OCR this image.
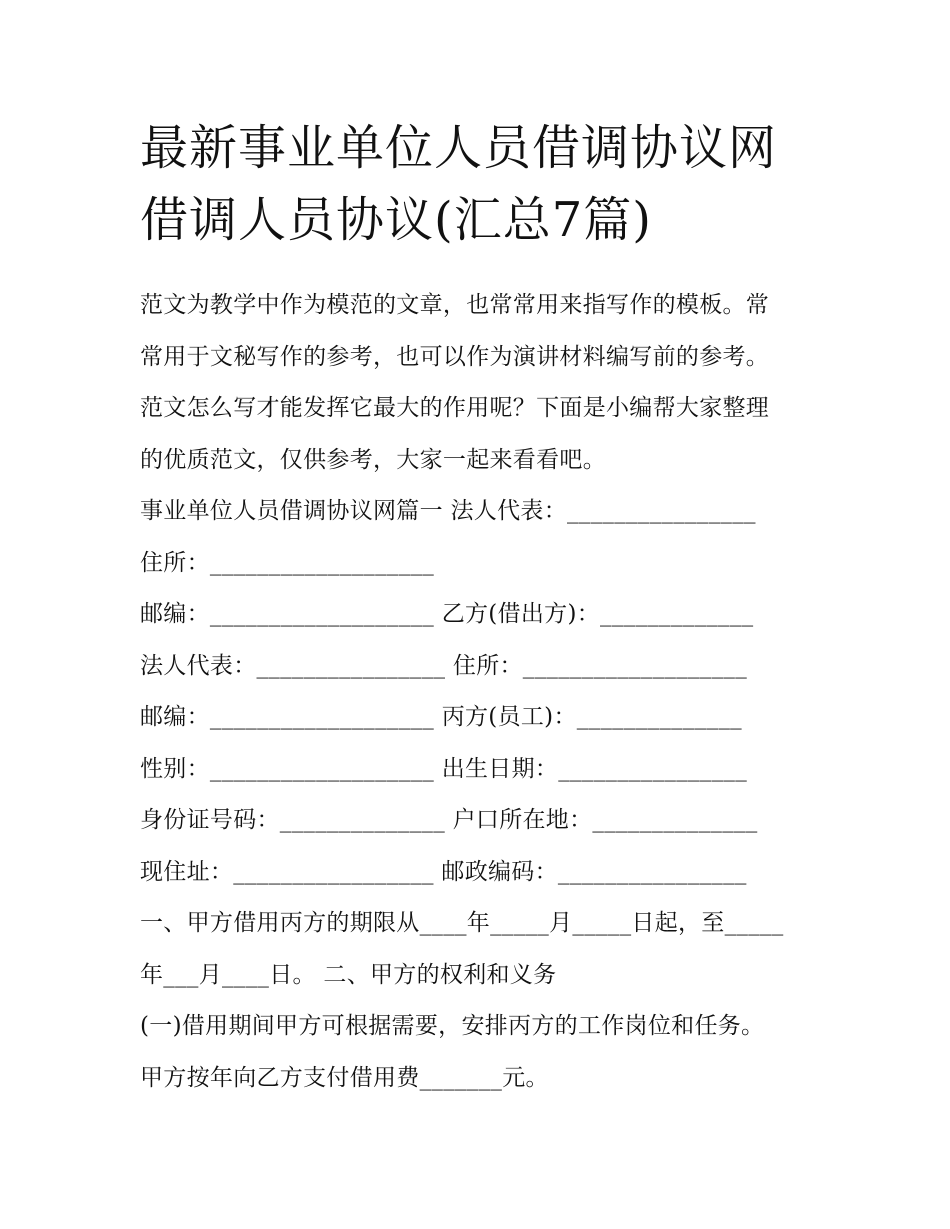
最新事业单位人员借调协议网
借调人员协议(汇总7篇)
范文为教学中作为模范的文章，也常常用来指写作的模板。常
常用于文秘写作的参考，也可以作为演讲材料编写前的参考。
范文怎么写才能发挥它最大的作用呢？下面是小编帮大家整理
的优质范文，仅供参考，大家一起来看看吧。
事业单位人员借调协议网篇一 法人代表：________________
住所：___________________
邮编：___________________ 乙方(借出方)：_____________
法人代表：________________ 住所：___________________
邮编：___________________ 丙方(员工)：______________
性别：___________________ 出生日期：________________
身份证号码：______________ 户口所在地：______________
现住址：_________________ 邮政编码：________________
一、甲方借用丙方的期限从____年_____月_____日起，至_____
年___月____日。 二、甲方的权利和义务
(一)借用期间甲方可根据需要，安排丙方的工作岗位和任务。
甲方按年向乙方支付借用费_______元。
